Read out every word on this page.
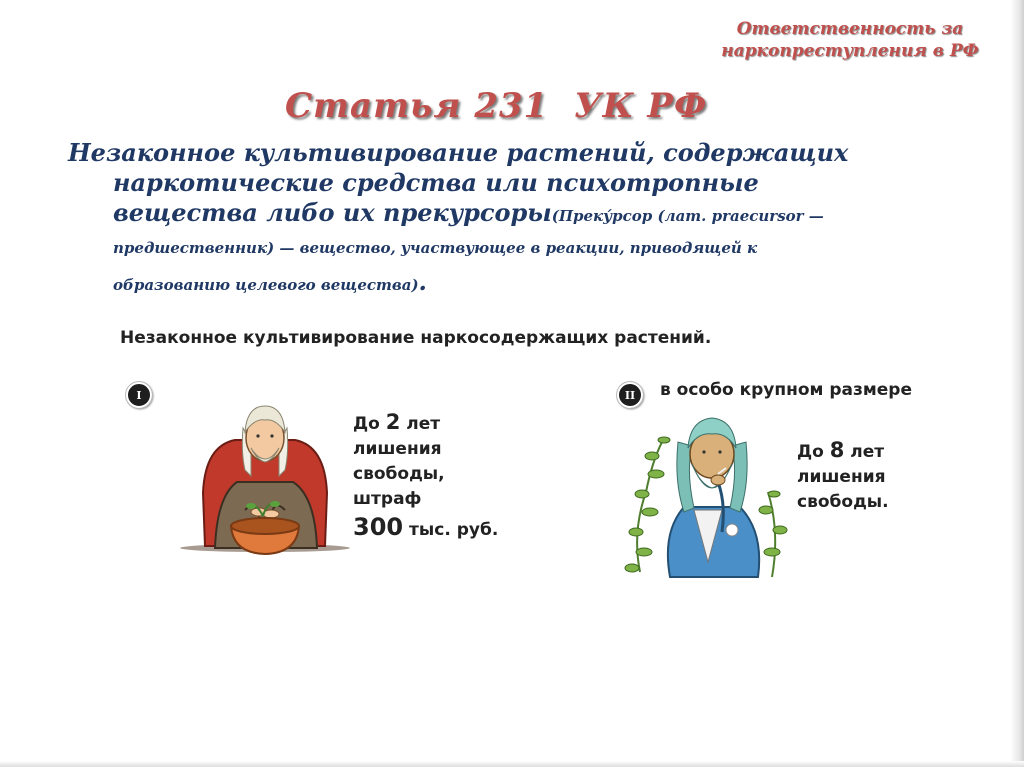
Ответственность за
наркопреступления в РФ
Статья 231  УК РФ

Незаконное культивирование растений, содержащих

наркотические средства или психотропные

вещества либо их прекурсоры(Преку́рсор (лат. praecursor —

предшественник) — вещество, участвующее в реакции, приводящей к

образованию целевого вещества).

Незаконное культивирование наркосодержащих растений.
I	II	в особо крупном размере
До 2 лет
лишения
свободы,
штраф
300 тыс. руб.
До 8 лет
лишения
свободы.
